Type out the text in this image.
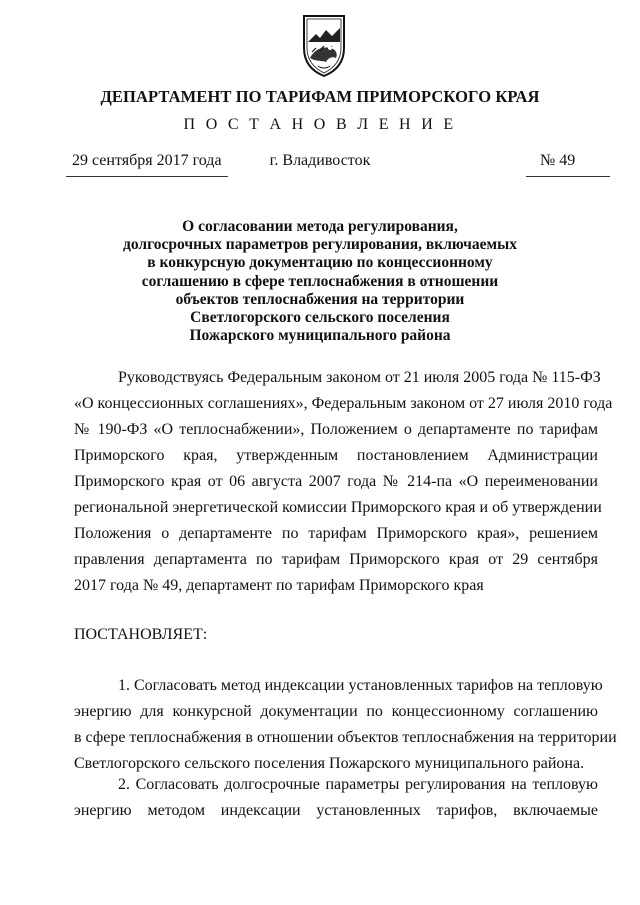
ДЕПАРТАМЕНТ ПО ТАРИФАМ ПРИМОРСКОГО КРАЯ
П О С Т А Н О В Л Е Н И Е
29 сентября 2017 года	г. Владивосток	№ 49
О согласовании метода регулирования,
долгосрочных параметров регулирования, включаемых
в конкурсную документацию по концессионному
соглашению в сфере теплоснабжения в отношении
объектов теплоснабжения на территории
Светлогорского сельского поселения
Пожарского муниципального района
Руководствуясь Федеральным законом от 21 июля 2005 года № 115-ФЗ
«О концессионных соглашениях», Федеральным законом от 27 июля 2010 года
№ 190-ФЗ «О теплоснабжении», Положением о департаменте по тарифам
Приморского края, утвержденным постановлением Администрации
Приморского края от 06 августа 2007 года № 214-па «О переименовании
региональной энергетической комиссии Приморского края и об утверждении
Положения о департаменте по тарифам Приморского края», решением
правления департамента по тарифам Приморского края от 29 сентября
2017 года № 49, департамент по тарифам Приморского края
ПОСТАНОВЛЯЕТ:
1. Согласовать метод индексации установленных тарифов на тепловую
энергию для конкурсной документации по концессионному соглашению
в сфере теплоснабжения в отношении объектов теплоснабжения на территории
Светлогорского сельского поселения Пожарского муниципального района.
2. Согласовать долгосрочные параметры регулирования на тепловую
энергию методом индексации установленных тарифов, включаемые
